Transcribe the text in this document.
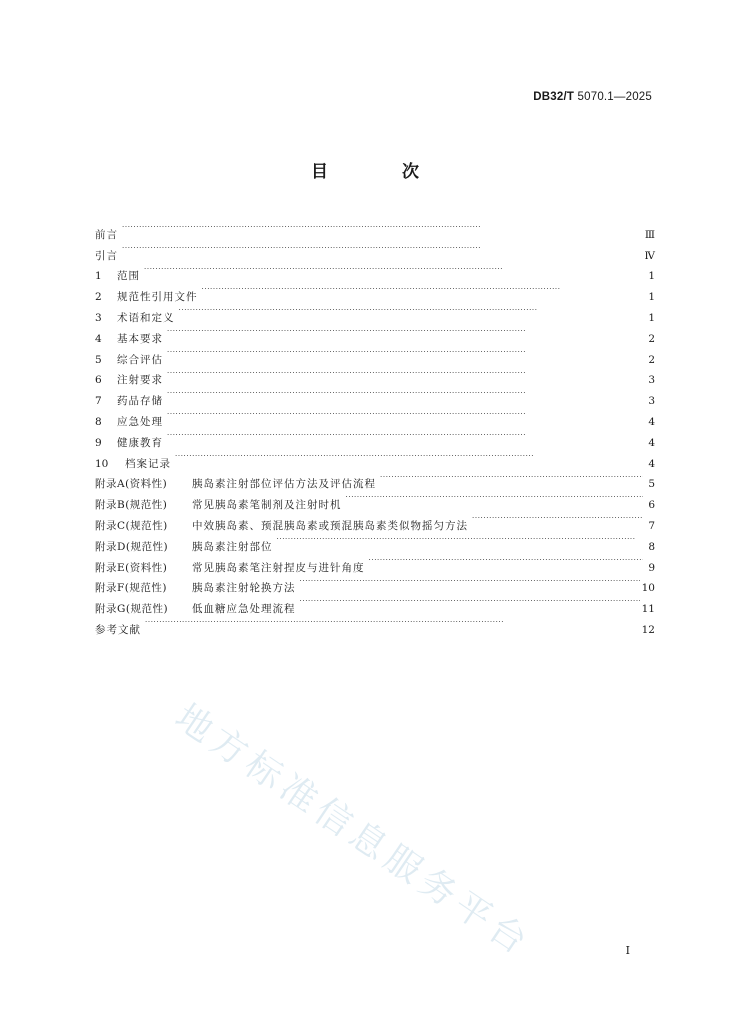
DB32/T 5070.1—2025
目 次
前言 · · ·	Ⅲ
引言 · · ·	Ⅳ
1	范围 · · ·	1
2	规范性引用文件 · · ·	1
3	术语和定义 · · ·	1
4	基本要求 · · ·	2
5	综合评估 · · ·	2
6	注射要求 · · ·	3
7	药品存储 · · ·	3
8	应急处理 · · ·	4
9	健康教育 · · ·	4
10	档案记录 · · ·	4
附录A(资料性)	胰岛素注射部位评估方法及评估流程 · · ·	5
附录B(规范性)	常见胰岛素笔制剂及注射时机 · · ·	6
附录C(规范性)	中效胰岛素、预混胰岛素或预混胰岛素类似物摇匀方法 · · ·	7
附录D(规范性)	胰岛素注射部位 · · ·	8
附录E(资料性)	常见胰岛素笔注射捏皮与进针角度 · · ·	9
附录F(规范性)	胰岛素注射轮换方法 · · ·	10
附录G(规范性)	低血糖应急处理流程 · · ·	11
参考文献 · · ·	12
地方标准信息服务平台	I
